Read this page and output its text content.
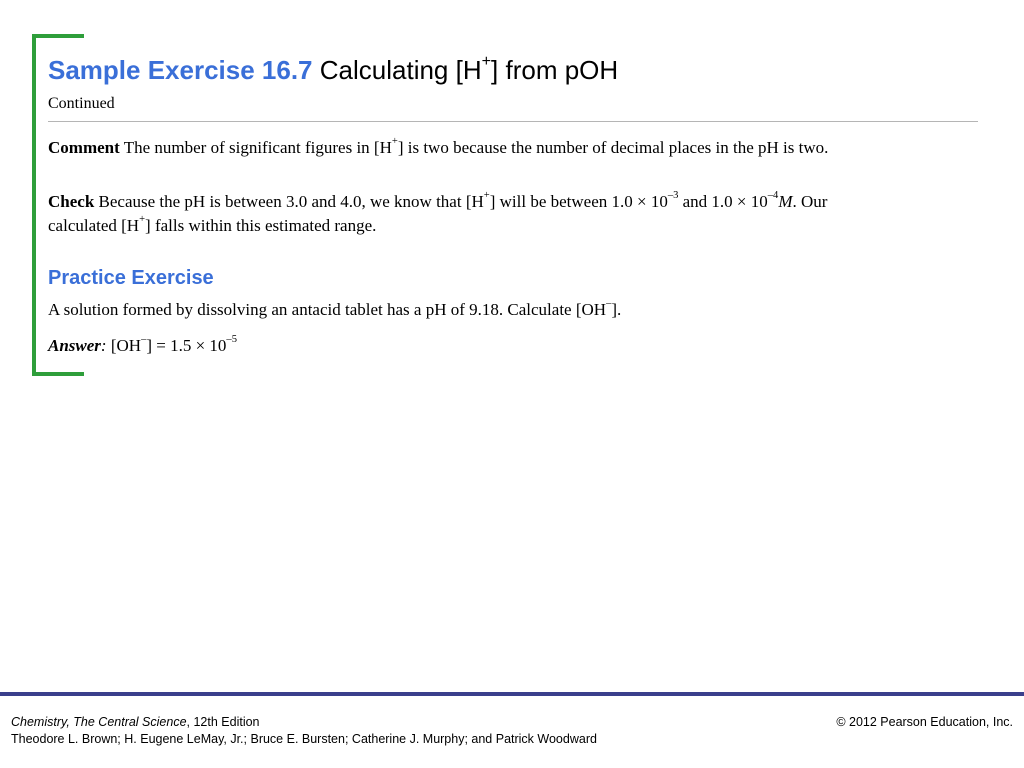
Sample Exercise 16.7 Calculating [H+] from pOH
Continued
Comment The number of significant figures in [H+] is two because the number of decimal places in the pH is two.
Check Because the pH is between 3.0 and 4.0, we know that [H+] will be between $1.0 \times 10^{-3}$ and $1.0 \times 10^{-4}M$. Our calculated [H+] falls within this estimated range.
Practice Exercise
A solution formed by dissolving an antacid tablet has a pH of 9.18. Calculate [OH–].
Answer: $[OH^-] = 1.5 \times 10^{-5}$
Chemistry, The Central Science, 12th Edition
Theodore L. Brown; H. Eugene LeMay, Jr.; Bruce E. Bursten; Catherine J. Murphy; and Patrick Woodward
© 2012 Pearson Education, Inc.
